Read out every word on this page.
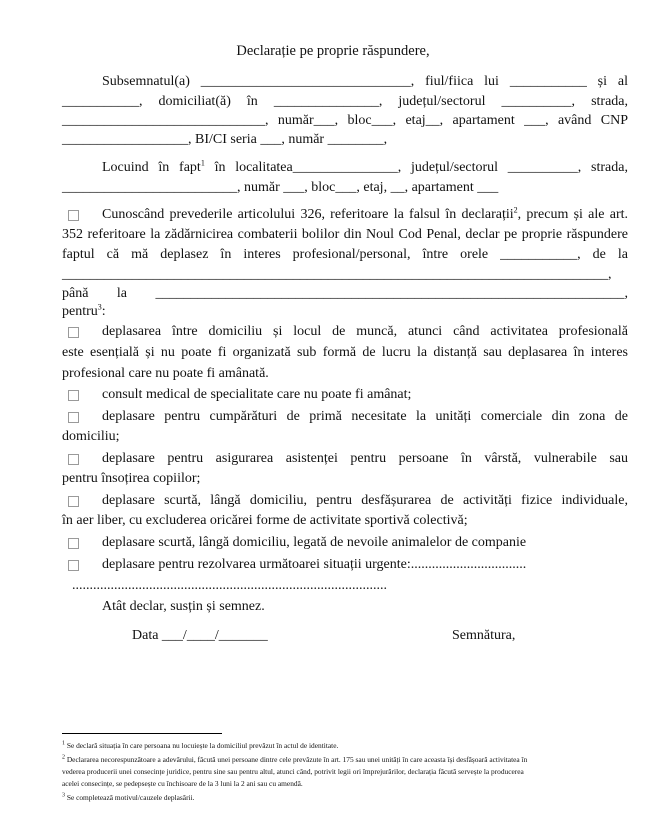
Declarație pe proprie răspundere,
Subsemnatul(a) ______________________________, fiul/fiica lui ___________ și al
___________, domiciliat(ă) în _______________, județul/sectorul __________, strada,
_____________________________, număr___, bloc___, etaj__, apartament ___, având CNP
__________________, BI/CI seria ___, număr ________,
Locuind în fapt$^1$ în localitatea_______________, județul/sectorul __________, strada,
_________________________, număr ___, bloc___, etaj, __, apartament ___
Cunoscând prevederile articolului 326, referitoare la falsul în declarații$^2$, precum și ale art.
352 referitoare la zădărnicirea combaterii bolilor din Noul Cod Penal, declar pe proprie răspundere
faptul că mă deplasez în interes profesional/personal, între orele ___________, de la
______________________________________________________________________________,
până la ___________________________________________________________________,
pentru$^3$:
deplasarea între domiciliu și locul de muncă, atunci când activitatea profesională
este esențială și nu poate fi organizată sub formă de lucru la distanță sau deplasarea în interes
profesional care nu poate fi amânată.
consult medical de specialitate care nu poate fi amânat;
deplasare pentru cumpărături de primă necesitate la unități comerciale din zona de
domiciliu;
deplasare pentru asigurarea asistenței pentru persoane în vârstă, vulnerabile sau
pentru însoțirea copiilor;
deplasare scurtă, lângă domiciliu, pentru desfășurarea de activități fizice individuale,
în aer liber, cu excluderea oricărei forme de activitate sportivă colectivă;
deplasare scurtă, lângă domiciliu, legată de nevoile animalelor de companie
deplasare pentru rezolvarea următoarei situații urgente:.................................
..........................................................................................
Atât declar, susțin și semnez.
Data ___/____/_______	Semnătura,
$^1$ Se declară situația în care persoana nu locuiește la domiciliul prevăzut în actul de identitate.
$^2$ Declararea necorespunzătoare a adevărului, făcută unei persoane dintre cele prevăzute în art. 175 sau unei unități în care aceasta își desfășoară activitatea în
vederea producerii unei consecințe juridice, pentru sine sau pentru altul, atunci când, potrivit legii ori împrejurărilor, declarația făcută servește la producerea
acelei consecințe, se pedepsește cu închisoare de la 3 luni la 2 ani sau cu amendă.
$^3$ Se completează motivul/cauzele deplasării.
